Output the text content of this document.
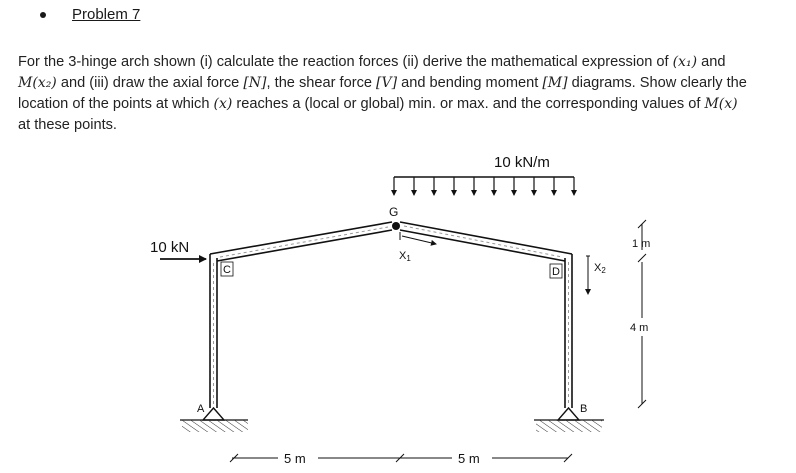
Problem 7
For the 3-hinge arch shown (i) calculate the reaction forces (ii) derive the mathematical expression of (x₁) and
M(x₂) and (iii) draw the axial force [N], the shear force [V] and bending moment [M] diagrams. Show clearly the
location of the points at which (x) reaches a (local or global) min. or max. and the corresponding values of M(x)
at these points.
G
C	D
10 kN/m
10 kN	X1
X2
A	B
1 m
4 m
5 m	5 m
